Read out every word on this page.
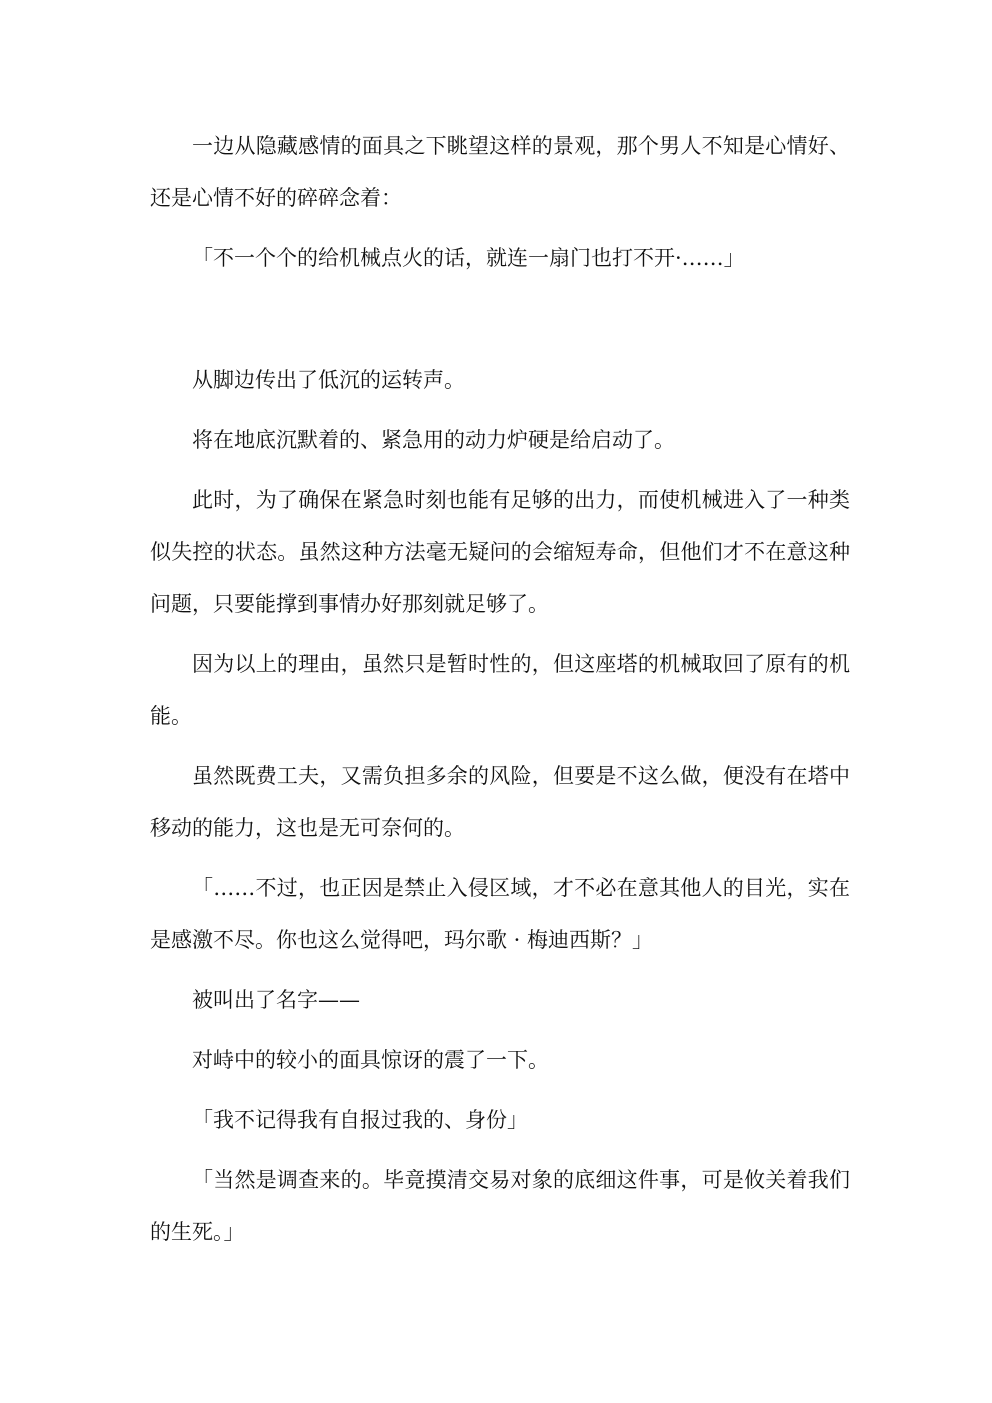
一边从隐藏感情的面具之下眺望这样的景观，那个男人不知是心情好、还是心情不好的碎碎念着：

「不一个个的给机械点火的话，就连一扇门也打不开·……」

从脚边传出了低沉的运转声。

将在地底沉默着的、紧急用的动力炉硬是给启动了。

此时，为了确保在紧急时刻也能有足够的出力，而使机械进入了一种类似失控的状态。虽然这种方法毫无疑问的会缩短寿命，但他们才不在意这种问题，只要能撑到事情办好那刻就足够了。

因为以上的理由，虽然只是暂时性的，但这座塔的机械取回了原有的机能。

虽然既费工夫，又需负担多余的风险，但要是不这么做，便没有在塔中移动的能力，这也是无可奈何的。

「……不过，也正因是禁止入侵区域，才不必在意其他人的目光，实在是感激不尽。你也这么觉得吧，玛尔歌 · 梅迪西斯？」

被叫出了名字——

对峙中的较小的面具惊讶的震了一下。

「我不记得我有自报过我的、身份」

「当然是调查来的。毕竟摸清交易对象的底细这件事，可是攸关着我们的生死。」
